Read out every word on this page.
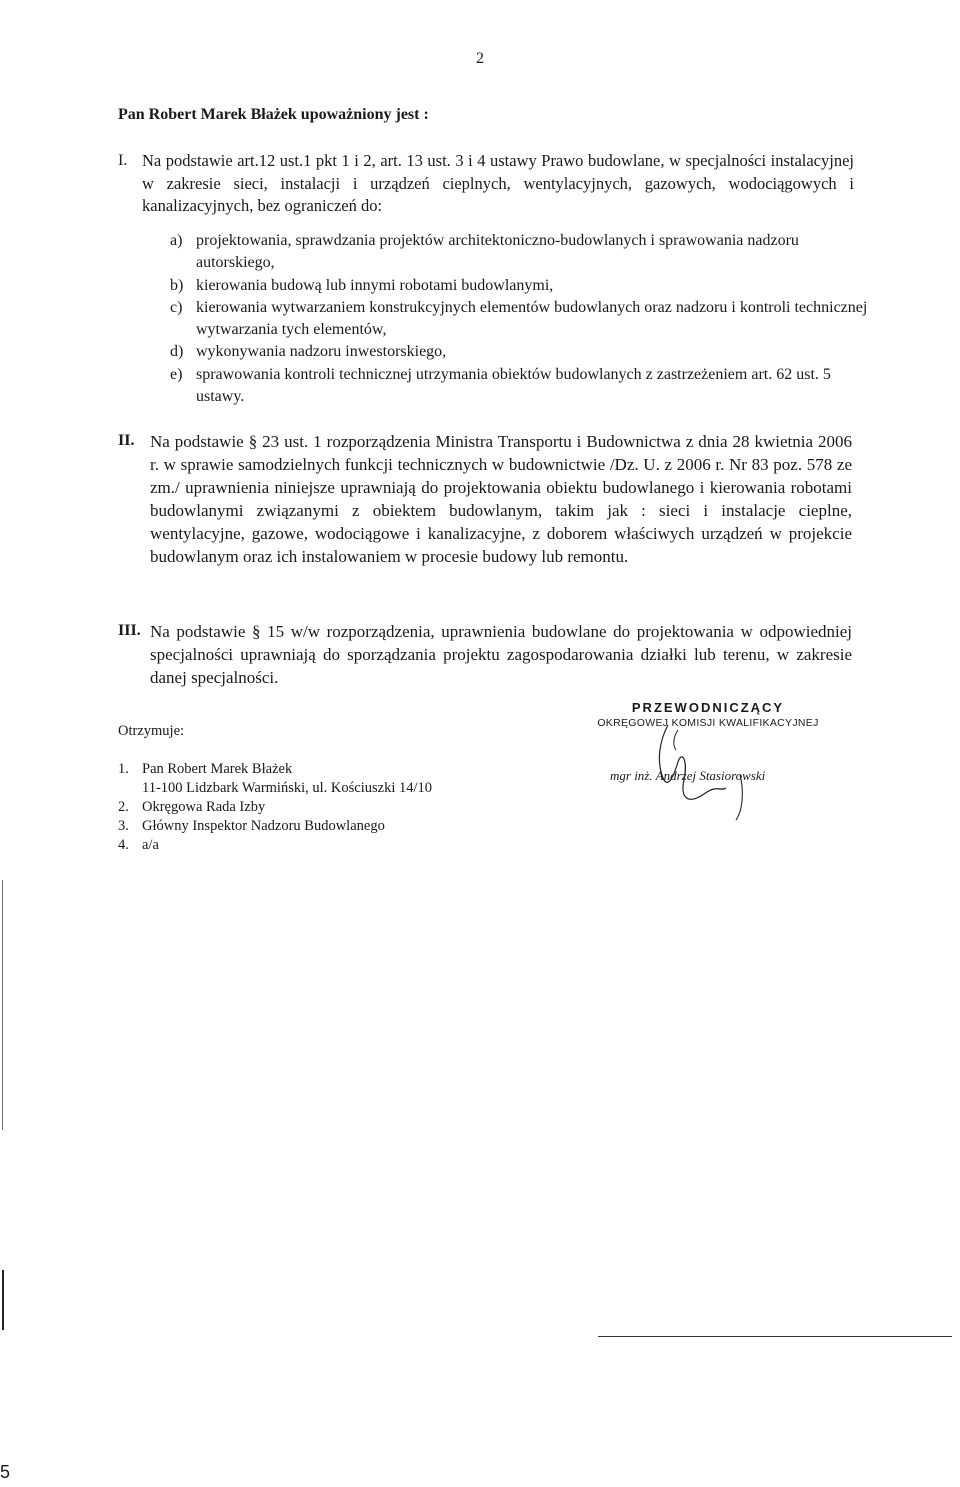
2
Pan Robert Marek Błażek upoważniony jest :
I. Na podstawie art.12 ust.1 pkt 1 i 2, art. 13 ust. 3 i 4 ustawy Prawo budowlane, w specjalności instalacyjnej w zakresie sieci, instalacji i urządzeń cieplnych, wentylacyjnych, gazowych, wodociągowych i kanalizacyjnych, bez ograniczeń do:
a) projektowania, sprawdzania projektów architektoniczno-budowlanych i sprawowania nadzoru autorskiego,
b) kierowania budową lub innymi robotami budowlanymi,
c) kierowania wytwarzaniem konstrukcyjnych elementów budowlanych oraz nadzoru i kontroli technicznej wytwarzania tych elementów,
d) wykonywania nadzoru inwestorskiego,
e) sprawowania kontroli technicznej utrzymania obiektów budowlanych z zastrzeżeniem art. 62 ust. 5 ustawy.
II. Na podstawie § 23 ust. 1 rozporządzenia Ministra Transportu i Budownictwa z dnia 28 kwietnia 2006 r. w sprawie samodzielnych funkcji technicznych w budownictwie /Dz. U. z 2006 r. Nr 83 poz. 578 ze zm./ uprawnienia niniejsze uprawniają do projektowania obiektu budowlanego i kierowania robotami budowlanymi związanymi z obiektem budowlanym, takim jak : sieci i instalacje cieplne, wentylacyjne, gazowe, wodociągowe i kanalizacyjne, z doborem właściwych urządzeń w projekcie budowlanym oraz ich instalowaniem w procesie budowy lub remontu.
III. Na podstawie § 15 w/w rozporządzenia, uprawnienia budowlane do projektowania w odpowiedniej specjalności uprawniają do sporządzania projektu zagospodarowania działki lub terenu, w zakresie danej specjalności.
Otrzymuje:
1. Pan Robert Marek Błażek
11-100 Lidzbark Warmiński, ul. Kościuszki 14/10
2. Okręgowa Rada Izby
3. Główny Inspektor Nadzoru Budowlanego
4. a/a
PRZEWODNICZĄCY
OKRĘGOWEJ KOMISJI KWALIFIKACYJNEJ
mgr inż. Andrzej Stasiorowski
5
